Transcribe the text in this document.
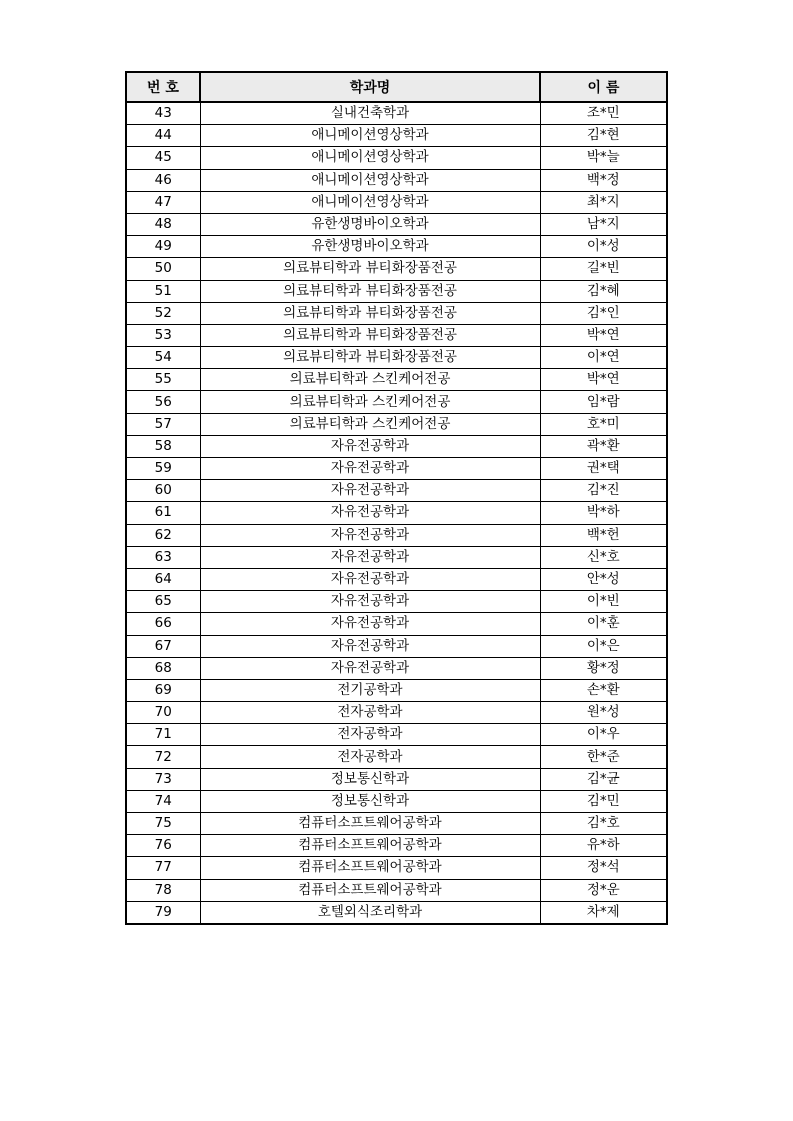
번 호	학과명	이 름
43	실내건축학과	조*민
44	애니메이션영상학과	김*현
45	애니메이션영상학과	박*늘
46	애니메이션영상학과	백*정
47	애니메이션영상학과	최*지
48	유한생명바이오학과	남*지
49	유한생명바이오학과	이*성
50	의료뷰티학과 뷰티화장품전공	길*빈
51	의료뷰티학과 뷰티화장품전공	김*혜
52	의료뷰티학과 뷰티화장품전공	김*인
53	의료뷰티학과 뷰티화장품전공	박*연
54	의료뷰티학과 뷰티화장품전공	이*연
55	의료뷰티학과 스킨케어전공	박*연
56	의료뷰티학과 스킨케어전공	임*람
57	의료뷰티학과 스킨케어전공	호*미
58	자유전공학과	곽*환
59	자유전공학과	권*택
60	자유전공학과	김*진
61	자유전공학과	박*하
62	자유전공학과	백*헌
63	자유전공학과	신*호
64	자유전공학과	안*성
65	자유전공학과	이*빈
66	자유전공학과	이*훈
67	자유전공학과	이*은
68	자유전공학과	황*정
69	전기공학과	손*환
70	전자공학과	원*성
71	전자공학과	이*우
72	전자공학과	한*준
73	정보통신학과	김*균
74	정보통신학과	김*민
75	컴퓨터소프트웨어공학과	김*호
76	컴퓨터소프트웨어공학과	유*하
77	컴퓨터소프트웨어공학과	정*석
78	컴퓨터소프트웨어공학과	정*운
79	호텔외식조리학과	차*제
